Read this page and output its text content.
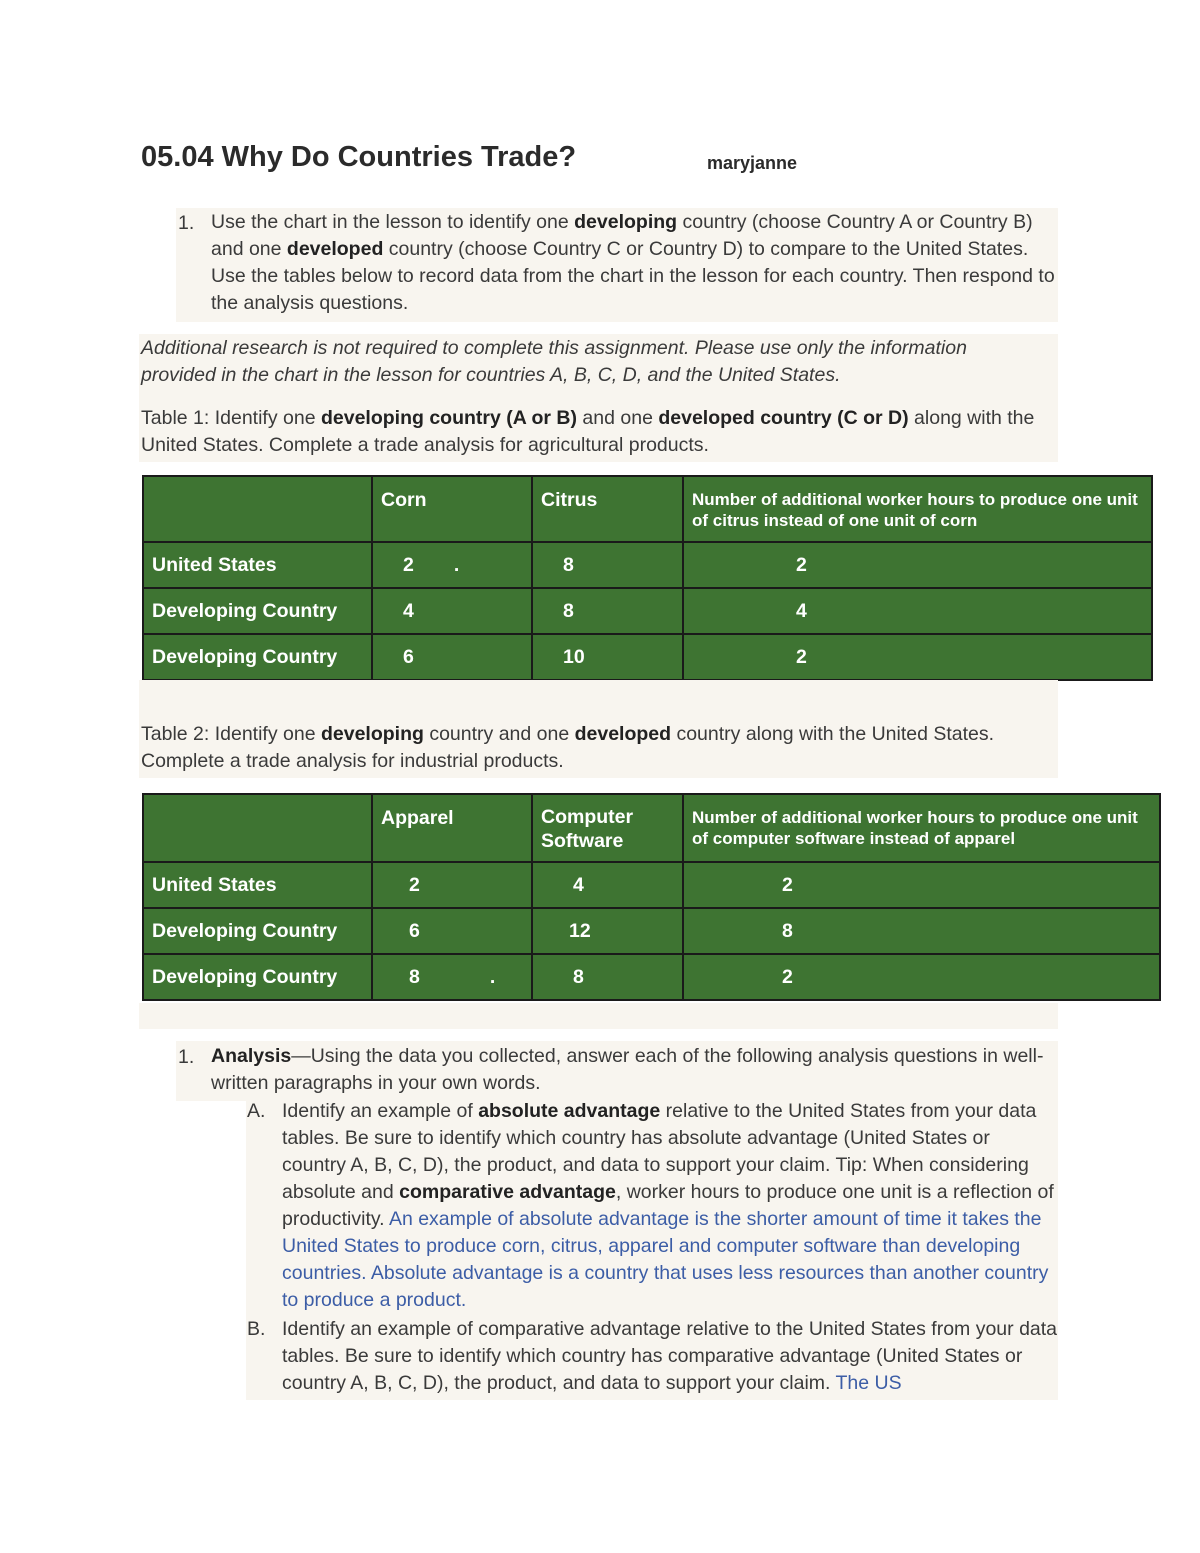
05.04 Why Do Countries Trade?	maryjanne
1. Use the chart in the lesson to identify one developing country (choose Country A or Country B) and one developed country (choose Country C or Country D) to compare to the United States. Use the tables below to record data from the chart in the lesson for each country. Then respond to the analysis questions.
Additional research is not required to complete this assignment. Please use only the information provided in the chart in the lesson for countries A, B, C, D, and the United States.
Table 1: Identify one developing country (A or B) and one developed country (C or D) along with the United States. Complete a trade analysis for agricultural products.
	Corn	Citrus	Number of additional worker hours to produce one unit of citrus instead of one unit of corn
United States	2 .	8	2
Developing Country	4	8	4
Developing Country	6	10	2
Table 2: Identify one developing country and one developed country along with the United States. Complete a trade analysis for industrial products.
	Apparel	Computer Software	Number of additional worker hours to produce one unit of computer software instead of apparel
United States	2	4	2
Developing Country	6	12	8
Developing Country	8 .	8	2
1. Analysis—Using the data you collected, answer each of the following analysis questions in well-written paragraphs in your own words.
A. Identify an example of absolute advantage relative to the United States from your data tables. Be sure to identify which country has absolute advantage (United States or country A, B, C, D), the product, and data to support your claim. Tip: When considering absolute and comparative advantage, worker hours to produce one unit is a reflection of productivity. An example of absolute advantage is the shorter amount of time it takes the United States to produce corn, citrus, apparel and computer software than developing countries. Absolute advantage is a country that uses less resources than another country to produce a product.
B. Identify an example of comparative advantage relative to the United States from your data tables. Be sure to identify which country has comparative advantage (United States or country A, B, C, D), the product, and data to support your claim. The US
